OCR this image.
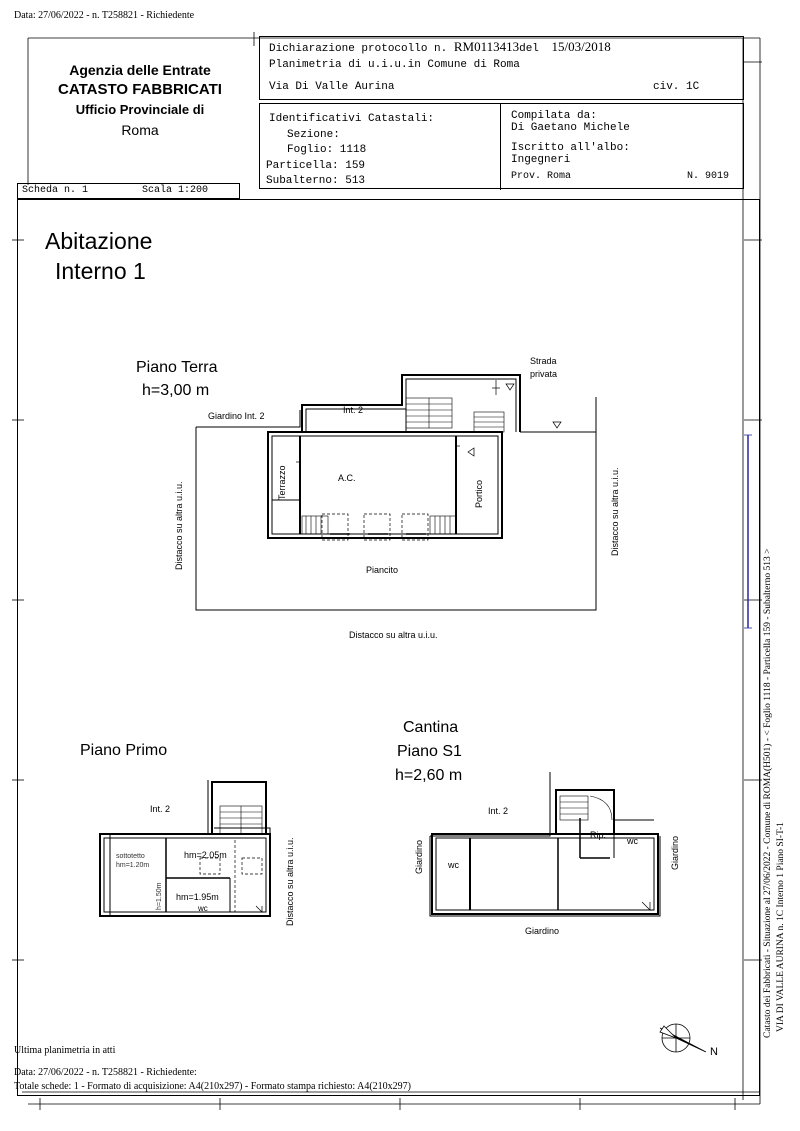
Data: 27/06/2022 - n. T258821 - Richiedente
Agenzia delle Entrate
CATASTO FABBRICATI
Ufficio Provinciale di
Roma
Dichiarazione protocollo n. RM0113413del 15/03/2018
Planimetria di u.i.u.in Comune di Roma
Via Di Valle Aurina	civ. 1C
Identificativi Catastali:
Sezione:
Foglio: 1118
Particella: 159
Subalterno: 513
Compilata da:
Di Gaetano Michele
Iscritto all'albo:
Ingegneri
Prov. Roma	N. 9019
Scheda n. 1	Scala 1:200
Abitazione
Interno 1
Piano Terra
h=3,00 m
Giardino Int. 2
Int. 2
Strada
privata
Terrazzo	A.C.
Portico
Piancito
Distacco su altra u.i.u.	Distacco su altra u.i.u.
Distacco su altra u.i.u.
Piano Primo
Int. 2
sottotetto
hm=1.20m
hm=2.05m
h=1.50m hm=1.95m
wc	Distacco su altra u.i.u.
Cantina
Piano S1
h=2,60 m
Int. 2
Rip.
wc
wc
Giardino	Giardino
Giardino	Catasto dei Fabbricati - Situazione al 27/06/2022 - Comune di ROMA(H501) - < Foglio 1118 - Particella 159 - Subalterno 513 > VIA DI VALLE AURINA n. 1C Interno 1 Piano SI-T-1
N
Ultima planimetria in atti
Data: 27/06/2022 - n. T258821 - Richiedente:
Totale schede: 1 - Formato di acquisizione: A4(210x297) - Formato stampa richiesto: A4(210x297)
